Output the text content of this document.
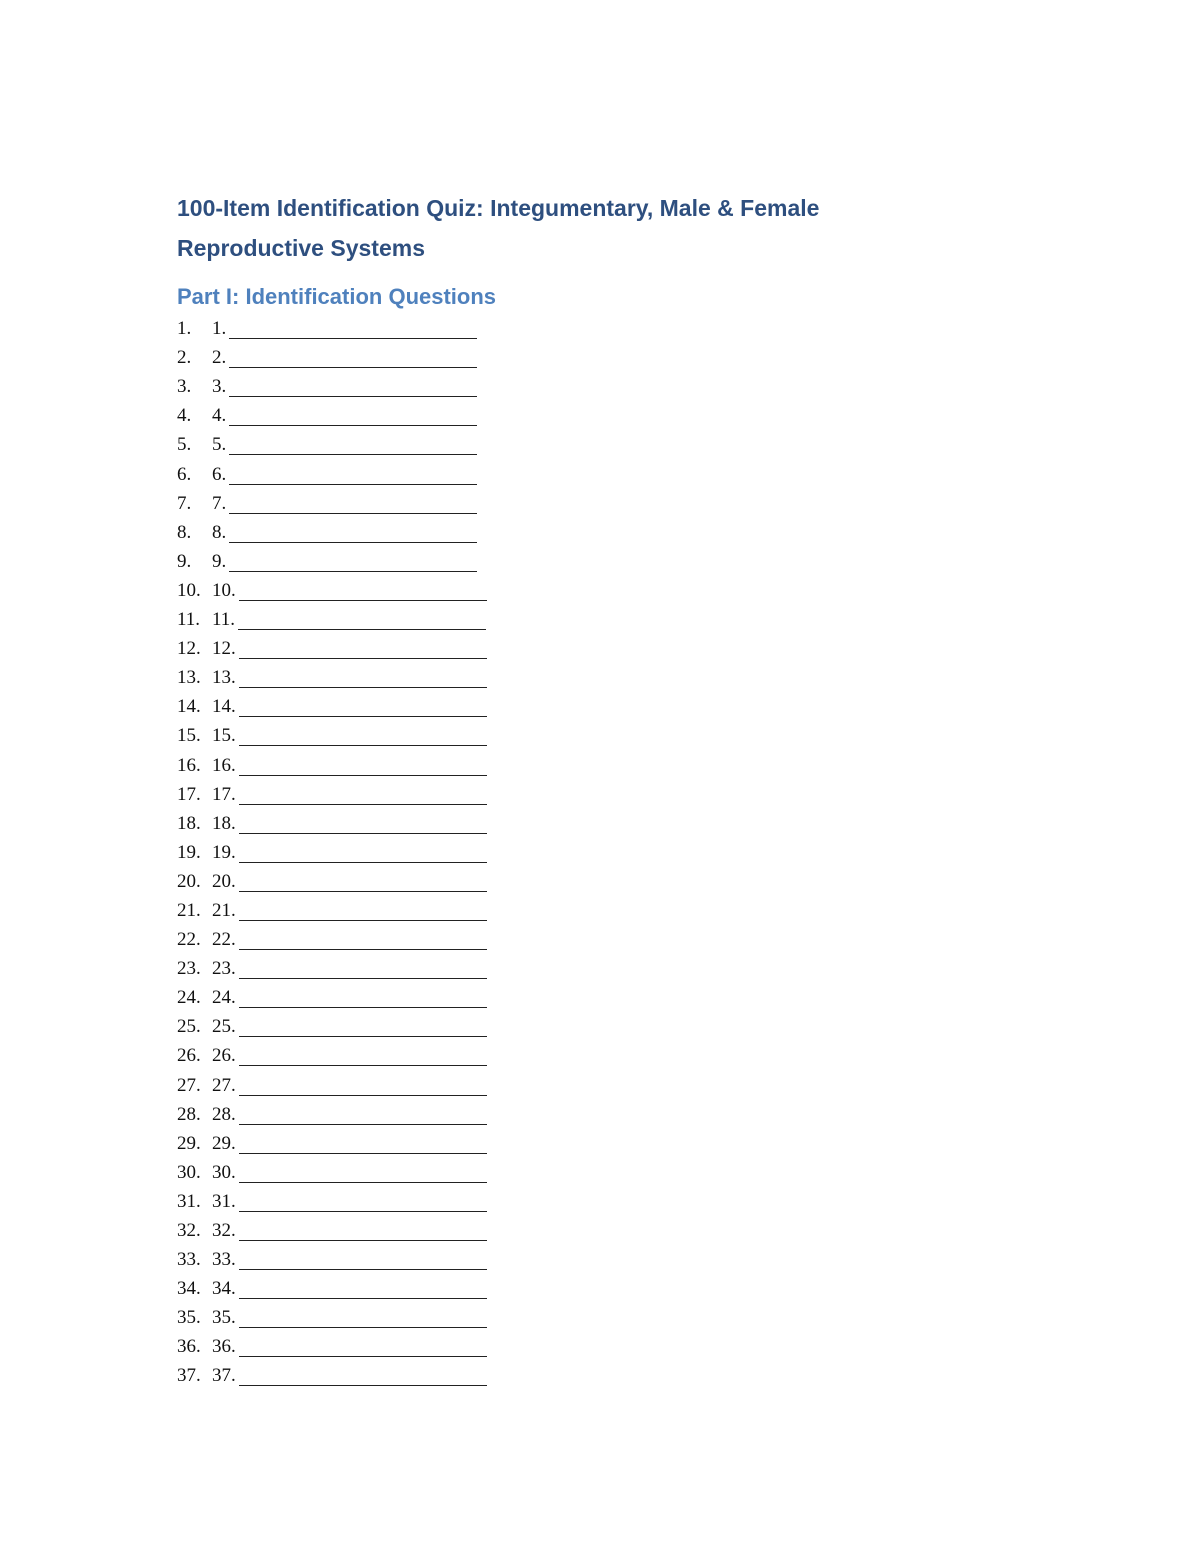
100-Item Identification Quiz: Integumentary, Male & Female
Reproductive Systems
Part I: Identification Questions
1.	1.
2.	2.
3.	3.
4.	4.
5.	5.
6.	6.
7.	7.
8.	8.
9.	9.
10. 10.
11. 11.
12. 12.
13. 13.
14. 14.
15. 15.
16. 16.
17. 17.
18. 18.
19. 19.
20. 20.
21. 21.
22. 22.
23. 23.
24. 24.
25. 25.
26. 26.
27. 27.
28. 28.
29. 29.
30. 30.
31. 31.
32. 32.
33. 33.
34. 34.
35. 35.
36. 36.
37. 37.
